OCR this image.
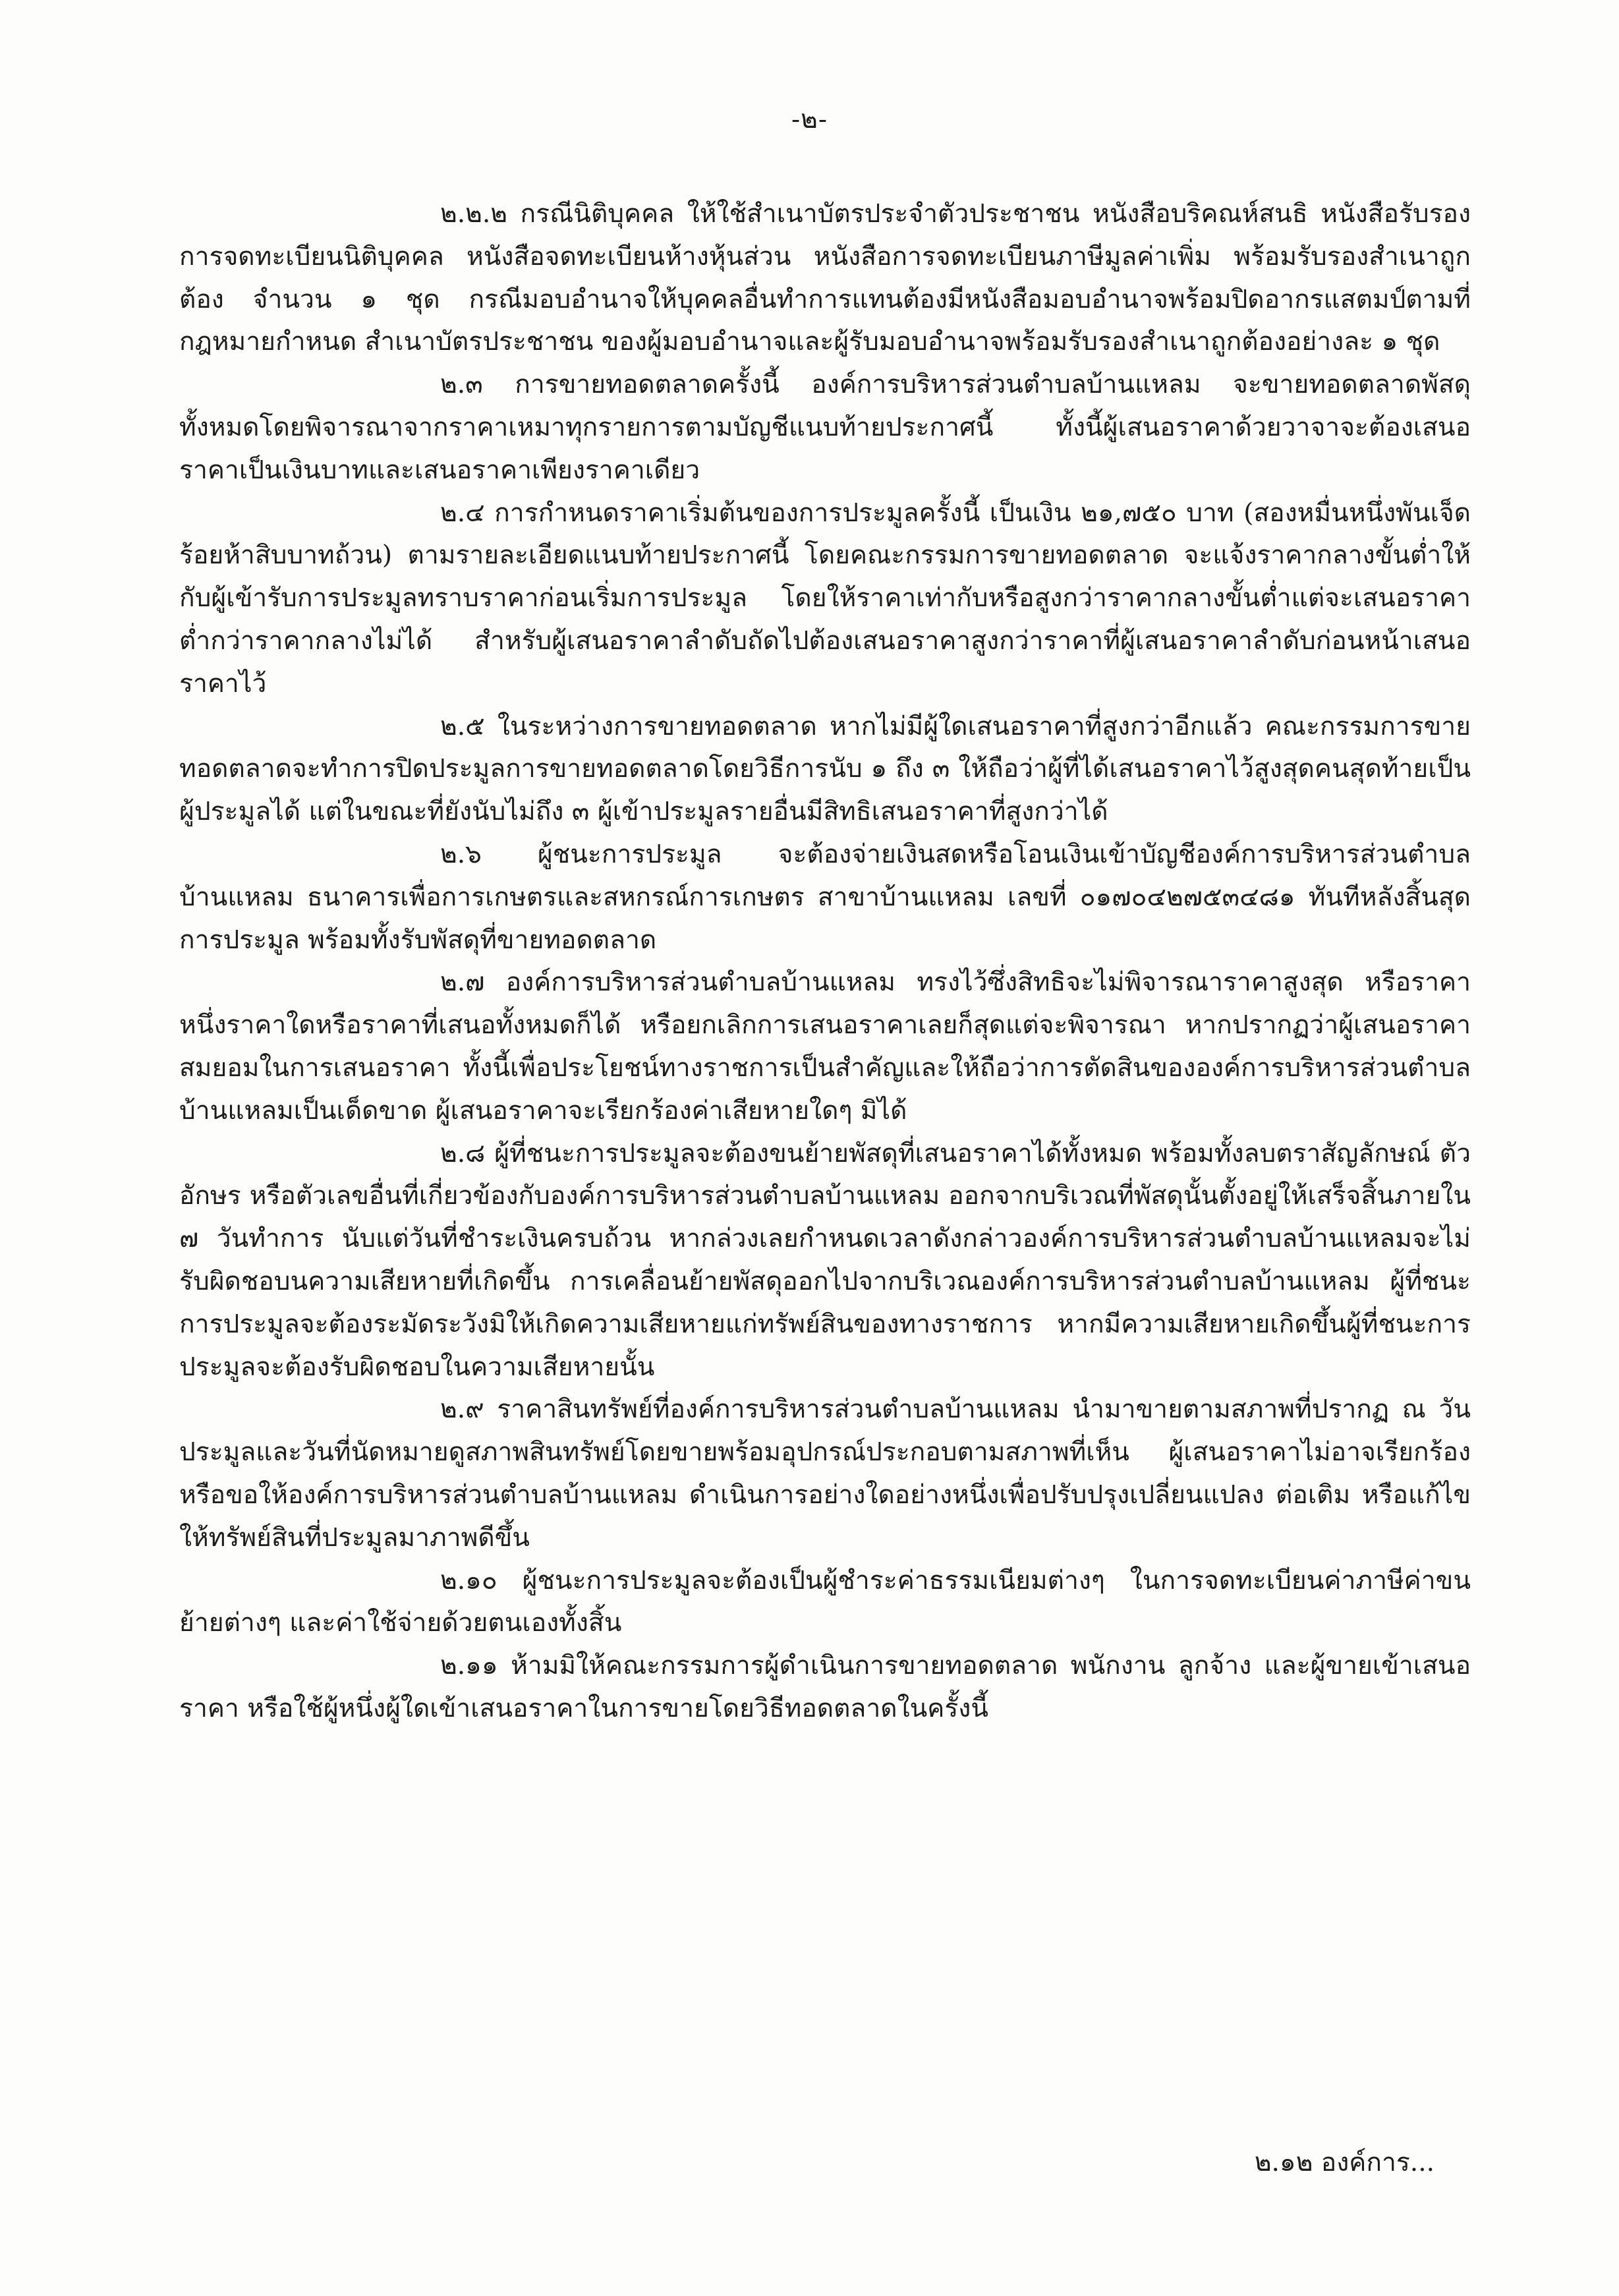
-๒-

๒.๒.๒ กรณีนิติบุคคล ให้ใช้สำเนาบัตรประจำตัวประชาชน หนังสือบริคณห์สนธิ หนังสือรับรองการจดทะเบียนนิติบุคคล หนังสือจดทะเบียนห้างหุ้นส่วน หนังสือการจดทะเบียนภาษีมูลค่าเพิ่ม พร้อมรับรองสำเนาถูกต้อง จำนวน ๑ ชุด กรณีมอบอำนาจให้บุคคลอื่นทำการแทนต้องมีหนังสือมอบอำนาจพร้อมปิดอากรแสตมป์ตามที่กฎหมายกำหนด สำเนาบัตรประชาชน ของผู้มอบอำนาจและผู้รับมอบอำนาจพร้อมรับรองสำเนาถูกต้องอย่างละ ๑ ชุด

๒.๓ การขายทอดตลาดครั้งนี้ องค์การบริหารส่วนตำบลบ้านแหลม จะขายทอดตลาดพัสดุทั้งหมดโดยพิจารณาจากราคาเหมาทุกรายการตามบัญชีแนบท้ายประกาศนี้ ทั้งนี้ผู้เสนอราคาด้วยวาจาจะต้องเสนอราคาเป็นเงินบาทและเสนอราคาเพียงราคาเดียว

๒.๔ การกำหนดราคาเริ่มต้นของการประมูลครั้งนี้ เป็นเงิน ๒๑,๗๕๐ บาท (สองหมื่นหนึ่งพันเจ็ดร้อยห้าสิบบาทถ้วน) ตามรายละเอียดแนบท้ายประกาศนี้ โดยคณะกรรมการขายทอดตลาด จะแจ้งราคากลางขั้นต่ำให้กับผู้เข้ารับการประมูลทราบราคาก่อนเริ่มการประมูล โดยให้ราคาเท่ากับหรือสูงกว่าราคากลางขั้นต่ำแต่จะเสนอราคาต่ำกว่าราคากลางไม่ได้ สำหรับผู้เสนอราคาลำดับถัดไปต้องเสนอราคาสูงกว่าราคาที่ผู้เสนอราคาลำดับก่อนหน้าเสนอราคาไว้

๒.๕ ในระหว่างการขายทอดตลาด หากไม่มีผู้ใดเสนอราคาที่สูงกว่าอีกแล้ว คณะกรรมการขายทอดตลาดจะทำการปิดประมูลการขายทอดตลาดโดยวิธีการนับ ๑ ถึง ๓ ให้ถือว่าผู้ที่ได้เสนอราคาไว้สูงสุดคนสุดท้ายเป็นผู้ประมูลได้ แต่ในขณะที่ยังนับไม่ถึง ๓ ผู้เข้าประมูลรายอื่นมีสิทธิเสนอราคาที่สูงกว่าได้

๒.๖ ผู้ชนะการประมูล จะต้องจ่ายเงินสดหรือโอนเงินเข้าบัญชีองค์การบริหารส่วนตำบลบ้านแหลม ธนาคารเพื่อการเกษตรและสหกรณ์การเกษตร สาขาบ้านแหลม เลขที่ ๐๑๗๐๔๒๗๕๓๔๘๑ ทันทีหลังสิ้นสุดการประมูล พร้อมทั้งรับพัสดุที่ขายทอดตลาด

๒.๗ องค์การบริหารส่วนตำบลบ้านแหลม ทรงไว้ซึ่งสิทธิจะไม่พิจารณาราคาสูงสุด หรือราคาหนึ่งราคาใดหรือราคาที่เสนอทั้งหมดก็ได้ หรือยกเลิกการเสนอราคาเลยก็สุดแต่จะพิจารณา หากปรากฏว่าผู้เสนอราคาสมยอมในการเสนอราคา ทั้งนี้เพื่อประโยชน์ทางราชการเป็นสำคัญและให้ถือว่าการตัดสินขององค์การบริหารส่วนตำบลบ้านแหลมเป็นเด็ดขาด ผู้เสนอราคาจะเรียกร้องค่าเสียหายใดๆ มิได้

๒.๘ ผู้ที่ชนะการประมูลจะต้องขนย้ายพัสดุที่เสนอราคาได้ทั้งหมด พร้อมทั้งลบตราสัญลักษณ์ ตัวอักษร หรือตัวเลขอื่นที่เกี่ยวข้องกับองค์การบริหารส่วนตำบลบ้านแหลม ออกจากบริเวณที่พัสดุนั้นตั้งอยู่ให้เสร็จสิ้นภายใน ๗ วันทำการ นับแต่วันที่ชำระเงินครบถ้วน หากล่วงเลยกำหนดเวลาดังกล่าวองค์การบริหารส่วนตำบลบ้านแหลมจะไม่รับผิดชอบนความเสียหายที่เกิดขึ้น การเคลื่อนย้ายพัสดุออกไปจากบริเวณองค์การบริหารส่วนตำบลบ้านแหลม ผู้ที่ชนะการประมูลจะต้องระมัดระวังมิให้เกิดความเสียหายแก่ทรัพย์สินของทางราชการ หากมีความเสียหายเกิดขึ้นผู้ที่ชนะการประมูลจะต้องรับผิดชอบในความเสียหายนั้น

๒.๙ ราคาสินทรัพย์ที่องค์การบริหารส่วนตำบลบ้านแหลม นำมาขายตามสภาพที่ปรากฏ ณ วันประมูลและวันที่นัดหมายดูสภาพสินทรัพย์โดยขายพร้อมอุปกรณ์ประกอบตามสภาพที่เห็น ผู้เสนอราคาไม่อาจเรียกร้องหรือขอให้องค์การบริหารส่วนตำบลบ้านแหลม ดำเนินการอย่างใดอย่างหนึ่งเพื่อปรับปรุงเปลี่ยนแปลง ต่อเติม หรือแก้ไขให้ทรัพย์สินที่ประมูลมาภาพดีขึ้น

๒.๑๐ ผู้ชนะการประมูลจะต้องเป็นผู้ชำระค่าธรรมเนียมต่างๆ ในการจดทะเบียนค่าภาษีค่าขนย้ายต่างๆ และค่าใช้จ่ายด้วยตนเองทั้งสิ้น

๒.๑๑ ห้ามมิให้คณะกรรมการผู้ดำเนินการขายทอดตลาด พนักงาน ลูกจ้าง และผู้ขายเข้าเสนอราคา หรือใช้ผู้หนึ่งผู้ใดเข้าเสนอราคาในการขายโดยวิธีทอดตลาดในครั้งนี้

๒.๑๒ องค์การ...
